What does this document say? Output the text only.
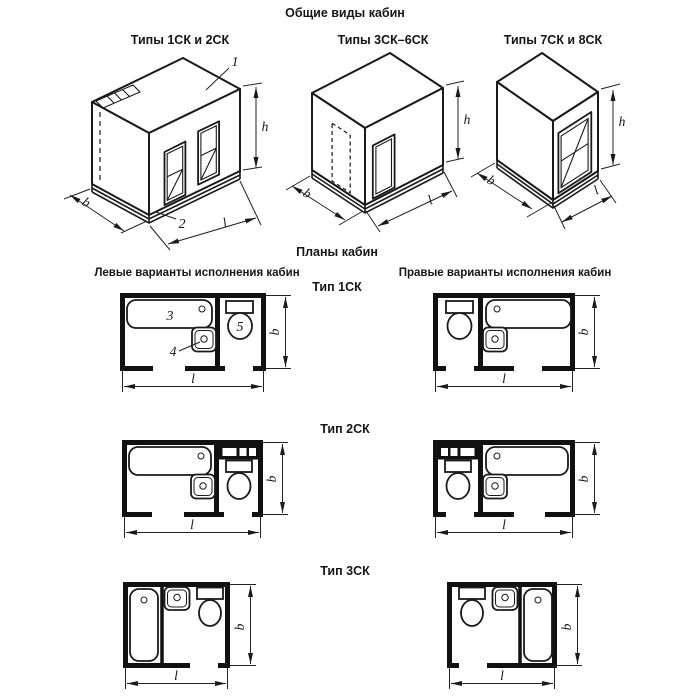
Общие виды кабин
Типы 1СК и 2СК	Типы 3СК–6СК	Типы 7СК и 8СК
Планы кабин
Левые варианты исполнения кабин	Правые варианты исполнения кабин
Тип 1СК
Тип 2СК
Тип 3СК
h
b
l
1
2
h
b	l
h
b
l
3
4
5 b
l
b
l
b
l
b
l
b
l
b
l
